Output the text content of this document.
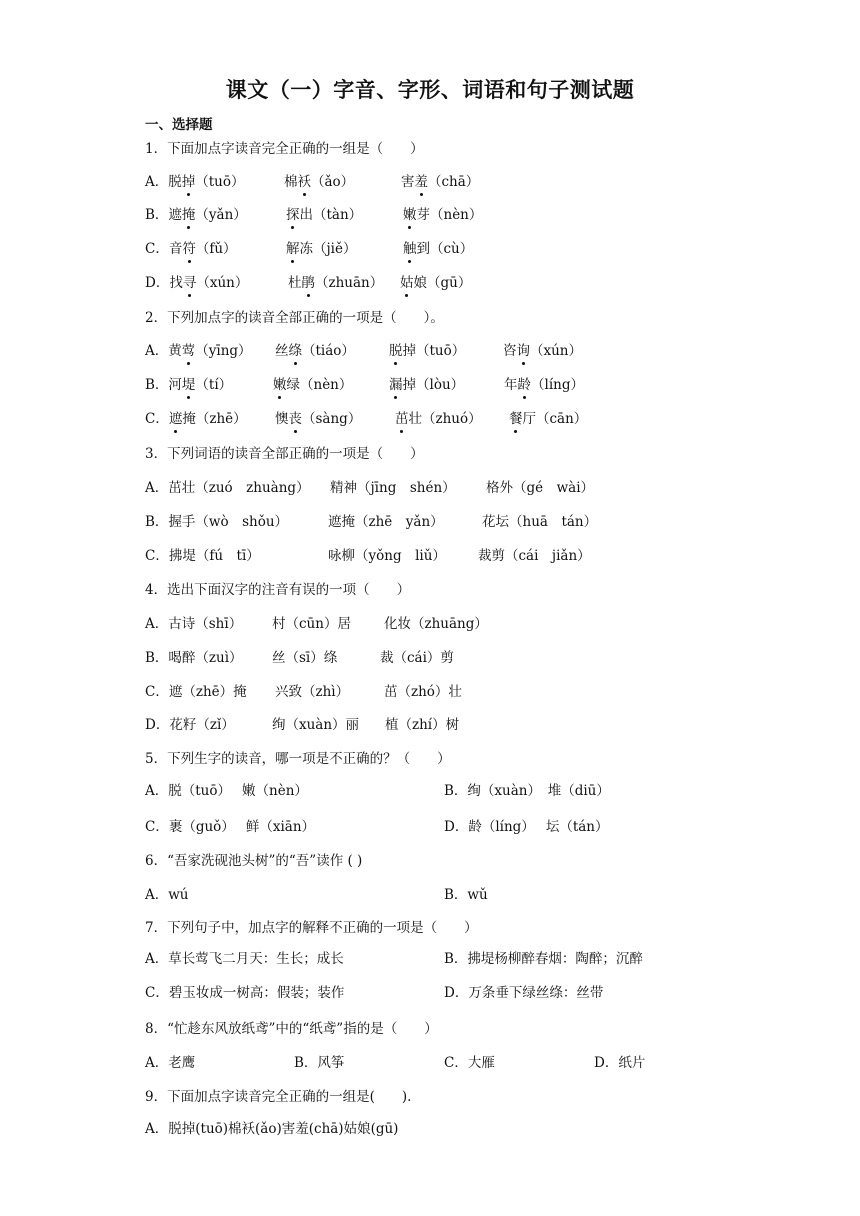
课文（一）字音、字形、词语和句子测试题
一、选择题
1．下面加点字读音完全正确的一组是（　　）
A．脱掉（tuō）	棉袄（ǎo）	害羞（chā）
B．遮掩（yǎn）	探出（tàn）	嫩芽（nèn）
C．音符（fǔ）	解冻（jiě）	触到（cù）
D．找寻（xún）	杜鹃（zhuān） 姑娘（gū）
2．下列加点字的读音全部正确的一项是（　　）。
A．黄莺（yīng） 丝绦（tiáo）	脱掉（tuō）	咨询（xún）
B．河堤（tí）	嫩绿（nèn）	漏掉（lòu）	年龄（líng）
C．遮掩（zhē） 懊丧（sàng） 茁壮（zhuó） 餐厅（cān）
3．下列词语的读音全部正确的一项是（　　）
A．茁壮（zuó　zhuàng） 精神（jīng　shén） 格外（gé　wài）
B．握手（wò　shǒu）	遮掩（zhē　yǎn）	花坛（huā　tán）
C．拂堤（fú　tī）	咏柳（yǒng　liǔ） 裁剪（cái　jiǎn）
4．选出下面汉字的注音有误的一项（　　）
A．古诗（shī） 村（cūn）居 化妆（zhuāng）
B．喝醉（zuì） 丝（sī）绦	裁（cái）剪
C．遮（zhē）掩 兴致（zhì）	茁（zhó）壮
D．花籽（zǐ）	绚（xuàn）丽 植（zhí）树
5．下列生字的读音，哪一项是不正确的？（　　）
A．脱（tuō）　 嫩（nèn）	B．绚（xuàn）　堆（diū）
C．裹（guǒ）　 鲜（xiān）	D．龄（líng）　 坛（tán）
6．“吾家洗砚池头树”的“吾”读作 ( )
A．wú	B．wǔ
7．下列句子中，加点字的解释不正确的一项是（　　）
A．草长莺飞二月天：生长；成长	B．拂堤杨柳醉春烟：陶醉；沉醉
C．碧玉妆成一树高：假装；装作	D．万条垂下绿丝绦：丝带
8．“忙趁东风放纸鸢”中的“纸鸢”指的是（　　）
A．老鹰	B．风筝	C．大雁	D．纸片
9．下面加点字读音完全正确的一组是(　　).
A．脱掉(tuō)棉袄(ǎo)害羞(chā)姑娘(gū)
